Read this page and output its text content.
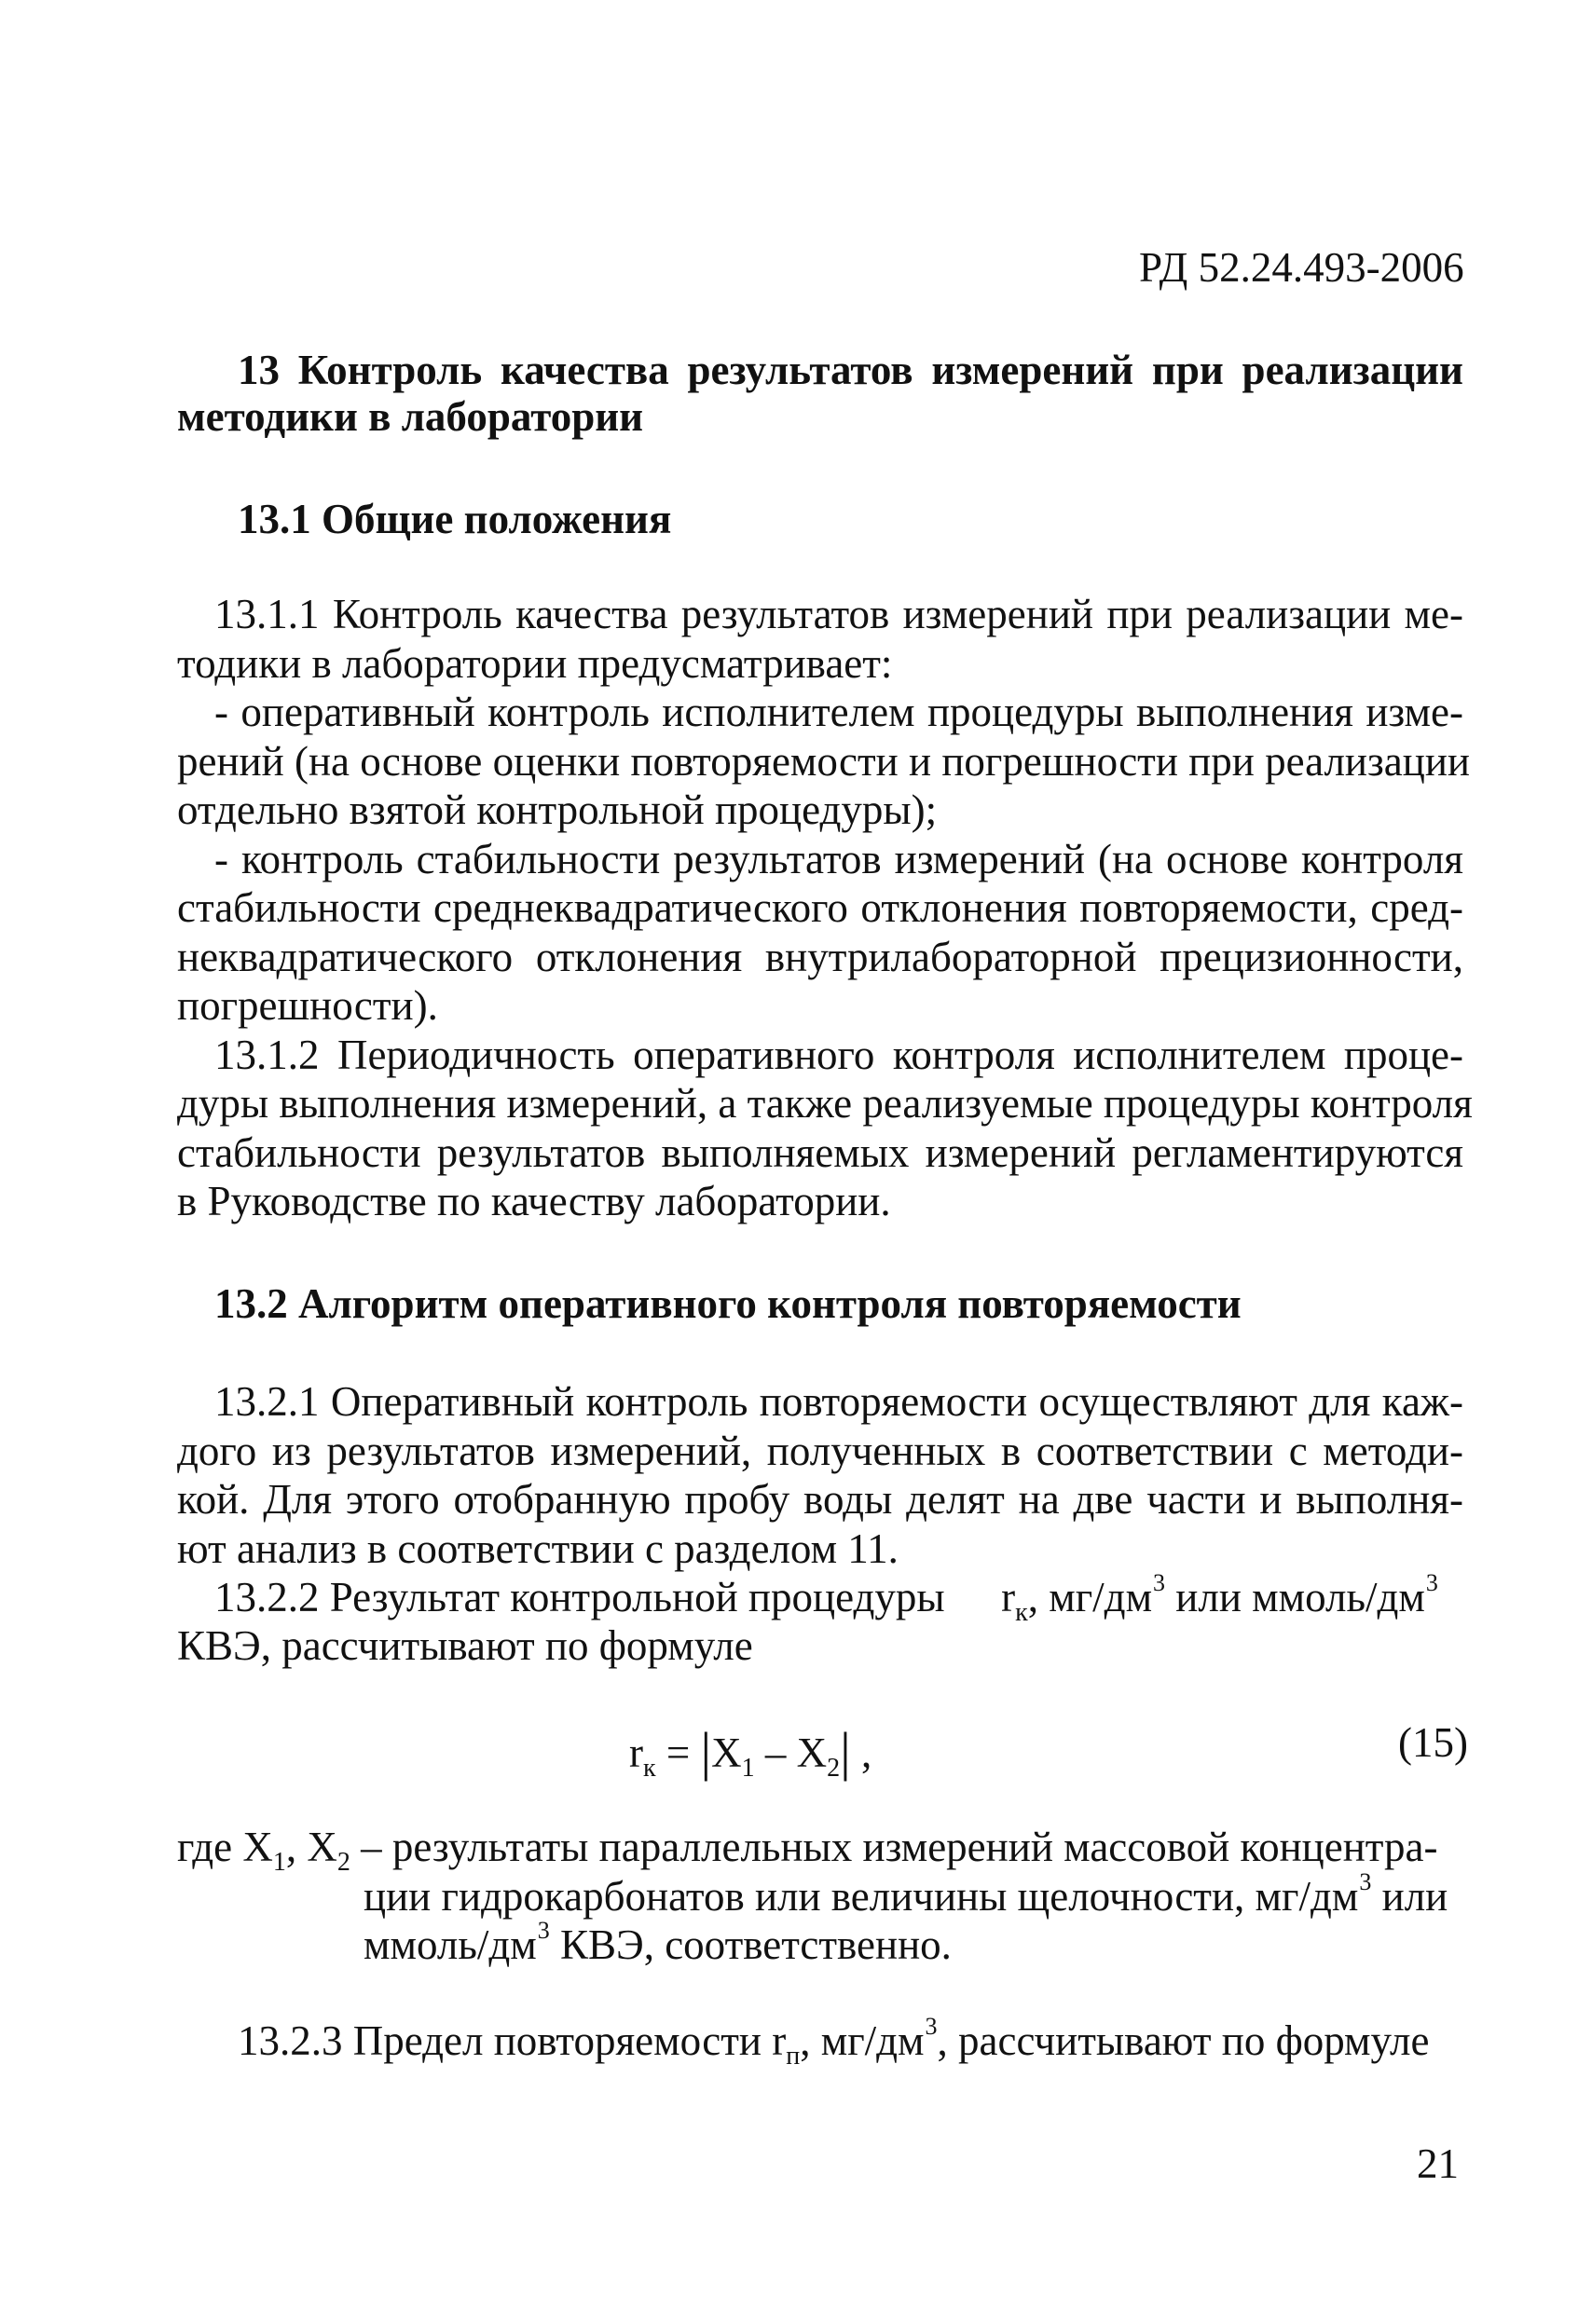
РД 52.24.493-2006
13 Контроль качества результатов измерений при реализации
методики в лаборатории
13.1 Общие положения
13.1.1 Контроль качества результатов измерений при реализации ме-
тодики в лаборатории предусматривает:
- оперативный контроль исполнителем процедуры выполнения изме-
рений (на основе оценки повторяемости и погрешности при реализации
отдельно взятой контрольной процедуры);
- контроль стабильности результатов измерений (на основе контроля
стабильности среднеквадратического отклонения повторяемости, сред-
неквадратического отклонения внутрилабораторной прецизионности,
погрешности).
13.1.2 Периодичность оперативного контроля исполнителем проце-
дуры выполнения измерений, а также реализуемые процедуры контроля
стабильности результатов выполняемых измерений регламентируются
в Руководстве по качеству лаборатории.
13.2 Алгоритм оперативного контроля повторяемости
13.2.1 Оперативный контроль повторяемости осуществляют для каж-
дого из результатов измерений, полученных в соответствии с методи-
кой. Для этого отобранную пробу воды делят на две части и выполня-
ют анализ в соответствии с разделом 11.
13.2.2 Результат контрольной процедуры $r_к$, $мг/дм^3$ или ммоль/$дм^3$
КВЭ, рассчитывают по формуле
$r_к = |X_1 - X_2|$ ,	(15)
где $X_1$, $X_2$ – результаты параллельных измерений массовой концентра-
ции гидрокарбонатов или величины щелочности, $мг/дм^3$ или
ммоль/$дм^3$ КВЭ, соответственно.
13.2.3 Предел повторяемости $r_п$, $мг/дм^3$, рассчитывают по формуле
21
